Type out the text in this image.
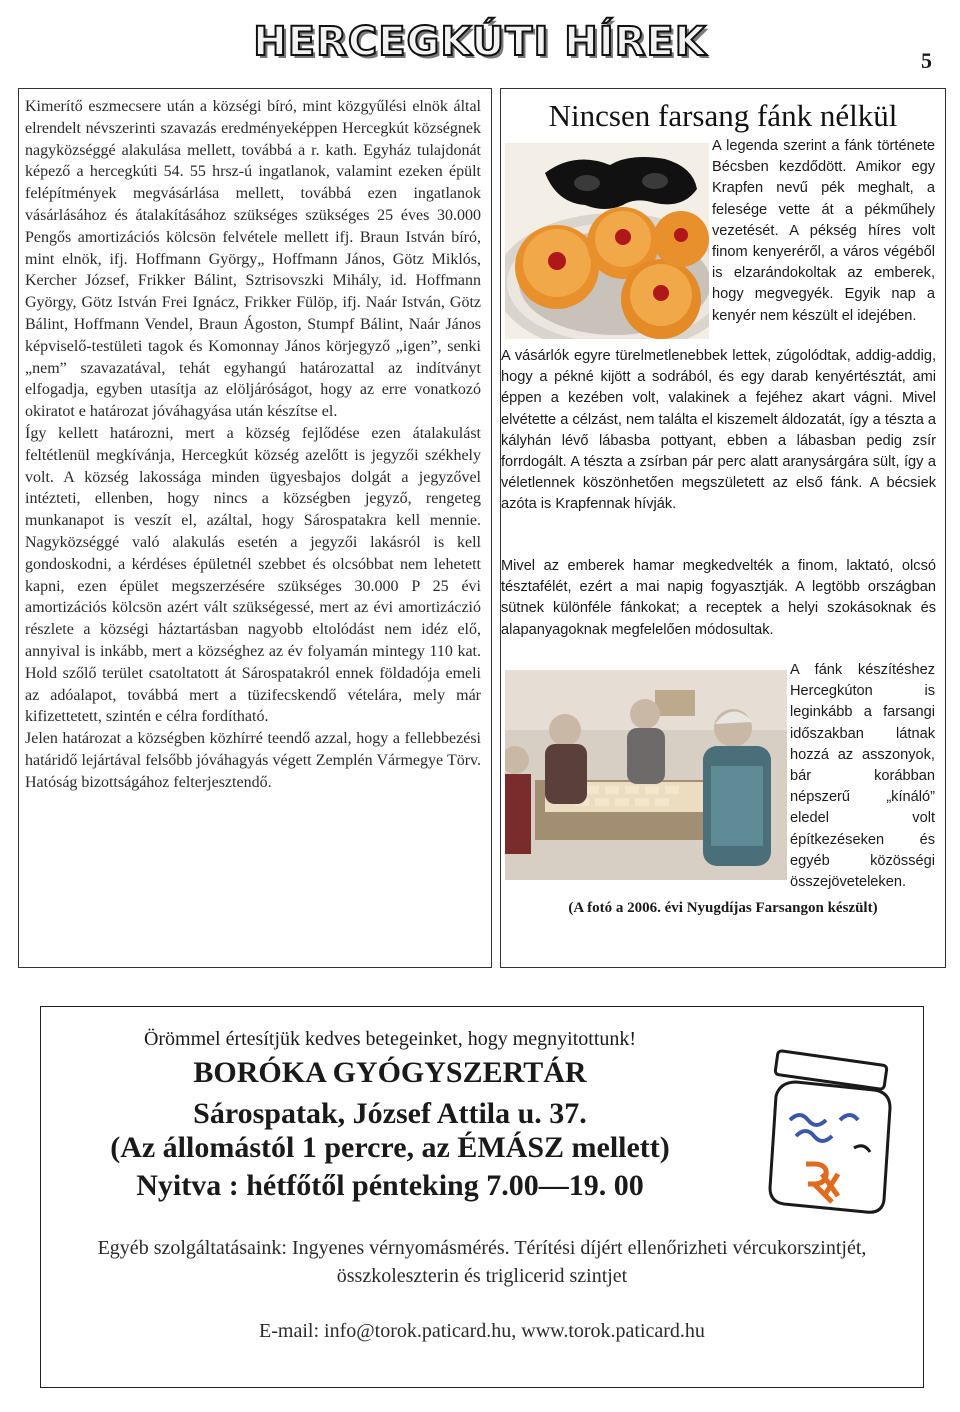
HERCEGKÚTI HÍREK	5

Kimerítő eszmecsere után a községi bíró, mint közgyűlési elnök által elrendelt névszerinti szavazás eredményeképpen Hercegkút községnek nagyközséggé alakulása mellett, továbbá a r. kath. Egyház tulajdonát képező a hercegkúti 54. 55 hrsz-ú ingatlanok, valamint ezeken épült felépítmények megvásárlása mellett, továbbá ezen ingatlanok vásárlásához és átalakításához szükséges szükséges 25 éves 30.000 Pengős amortizációs kölcsön felvétele mellett ifj. Braun István bíró, mint elnök, ifj. Hoffmann György„ Hoffmann János, Götz Miklós, Kercher József, Frikker Bálint, Sztrisovszki Mihály, id. Hoffmann György, Götz István Frei Ignácz, Frikker Fülöp, ifj. Naár István, Götz Bálint, Hoffmann Vendel, Braun Ágoston, Stumpf Bálint, Naár János képviselő-testületi tagok és Komonnay János körjegyző „igen”, senki „nem” szavazatával, tehát egyhangú határozattal az indítványt elfogadja, egyben utasítja az elöljáróságot, hogy az erre vonatkozó okiratot e határozat jóváhagyása után készítse el.

Így kellett határozni, mert a község fejlődése ezen átalakulást feltétlenül megkívánja, Hercegkút község azelőtt is jegyzői székhely volt. A község lakossága minden ügyesbajos dolgát a jegyzővel intézteti, ellenben, hogy nincs a községben jegyző, rengeteg munkanapot is veszít el, azáltal, hogy Sárospatakra kell mennie. Nagyközséggé való alakulás esetén a jegyzői lakásról is kell gondoskodni, a kérdéses épületnél szebbet és olcsóbbat nem lehetett kapni, ezen épület megszerzésére szükséges 30.000 P 25 évi amortizációs kölcsön azért vált szükségessé, mert az évi amortizáczió részlete a községi háztartásban nagyobb eltolódást nem idéz elő, annyival is inkább, mert a községhez az év folyamán mintegy 110 kat. Hold szőlő terület csatoltatott át Sárospatakról ennek földadója emeli az adóalapot, továbbá mert a tüzifecskendő vételára, mely már kifizettetett, szintén e célra fordítható.

Jelen határozat a községben közhírré teendő azzal, hogy a fellebbezési határidő lejártával felsőbb jóváhagyás végett Zemplén Vármegye Törv. Hatóság bizottságához felterjesztendő.

Nincsen farsang fánk nélkül
A legenda szerint a fánk története Bécsben kezdődött. Amikor egy Krapfen nevű pék meghalt, a felesége vette át a pékműhely vezetését. A pékség híres volt finom kenyeréről, a város végéből is elzarándokoltak az emberek, hogy megvegyék. Egyik nap a kenyér nem készült el idejében.
A vásárlók egyre türelmetlenebbek lettek, zúgolódtak, addig-addig, hogy a pékné kijött a sodrából, és egy darab kenyértésztát, ami éppen a kezében volt, valakinek a fejéhez akart vágni. Mivel elvétette a célzást, nem találta el kiszemelt áldozatát, így a tészta a kályhán lévő lábasba pottyant, ebben a lábasban pedig zsír forrdogált. A tészta a zsírban pár perc alatt aranysárgára sült, így a véletlennek köszönhetően megszületett az első fánk. A bécsiek azóta is Krapfennak hívják.
Mivel az emberek hamar megkedvelték a finom, laktató, olcsó tésztafélét, ezért a mai napig fogyasztják. A legtöbb országban sütnek különféle fánkokat; a receptek a helyi szokásoknak és alapanyagoknak megfelelően módosultak.
A fánk készítéshez Hercegkúton is leginkább a farsangi időszakban látnak hozzá az asszonyok, bár korábban népszerű „kínáló” eledel volt építkezéseken és egyéb közösségi összejöveteleken.
(A fotó a 2006. évi Nyugdíjas Farsangon készült)
Örömmel értesítjük kedves betegeinket, hogy megnyitottunk!
BORÓKA GYÓGYSZERTÁR
Sárospatak, József Attila u. 37.
(Az állomástól 1 percre, az ÉMÁSZ mellett)
Nyitva : hétfőtől pénteking 7.00—19. 00
Egyéb szolgáltatásaink: Ingyenes vérnyomásmérés. Térítési díjért ellenőrizheti vércukorszintjét, összkoleszterin és triglicerid szintjet
E-mail: info@torok.paticard.hu, www.torok.paticard.hu
